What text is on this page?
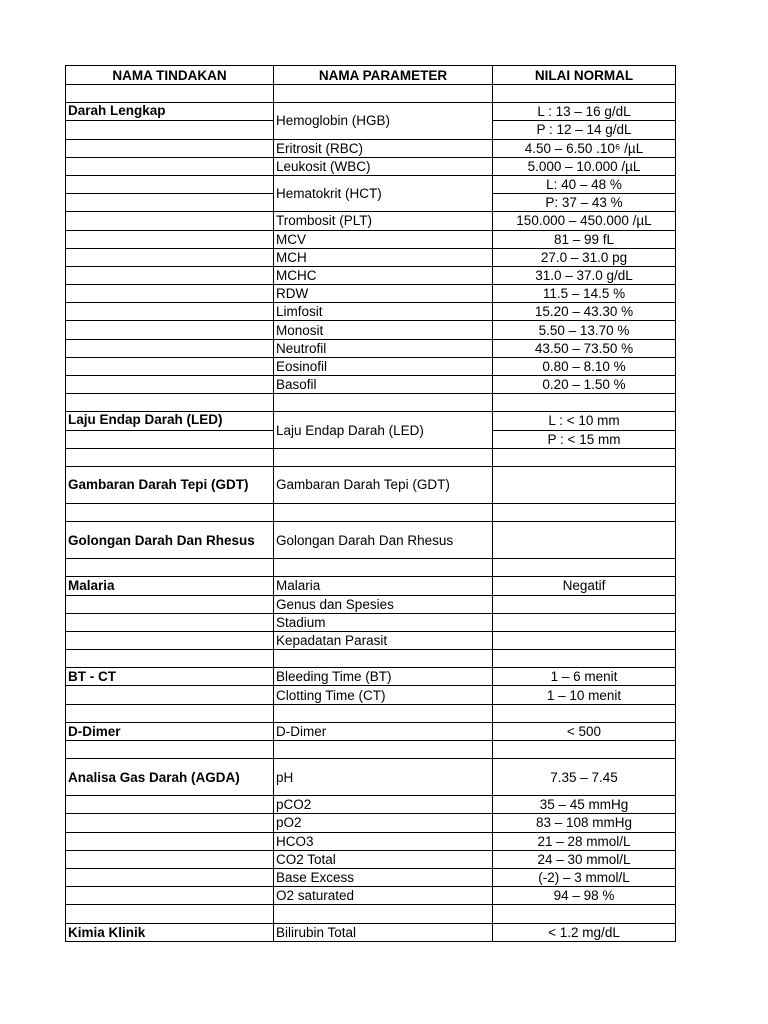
NAMA TINDAKAN	NAMA PARAMETER	NILAI NORMAL

Darah Lengkap	Hemoglobin (HGB)	L : 13 – 16 g/dL
		P : 12 – 14 g/dL
	Eritrosit (RBC)	4.50 – 6.50 .10⁶ /µL
	Leukosit (WBC)	5.000 – 10.000 /µL
	Hematokrit (HCT)	L: 40 – 48 %
		P: 37 – 43 %
	Trombosit (PLT)	150.000 – 450.000 /µL
	MCV	81 – 99 fL
	MCH	27.0 – 31.0 pg
	MCHC	31.0 – 37.0 g/dL
	RDW	11.5 – 14.5 %
	Limfosit	15.20 – 43.30 %
	Monosit	5.50 – 13.70 %
	Neutrofil	43.50 – 73.50 %
	Eosinofil	0.80 – 8.10 %
	Basofil	0.20 – 1.50 %

Laju Endap Darah (LED)	Laju Endap Darah (LED)	L : < 10 mm
		P : < 15 mm

Gambaran Darah Tepi (GDT)	Gambaran Darah Tepi (GDT)	

Golongan Darah Dan Rhesus	Golongan Darah Dan Rhesus	

Malaria	Malaria	Negatif
	Genus dan Spesies	
	Stadium	
	Kepadatan Parasit	

BT - CT	Bleeding Time (BT)	1 – 6 menit
	Clotting Time (CT)	1 – 10 menit

D-Dimer	D-Dimer	< 500

Analisa Gas Darah (AGDA)	pH	7.35 – 7.45
	pCO2	35 – 45 mmHg
	pO2	83 – 108 mmHg
	HCO3	21 – 28 mmol/L
	CO2 Total	24 – 30 mmol/L
	Base Excess	(-2) – 3 mmol/L
	O2 saturated	94 – 98 %

Kimia Klinik	Bilirubin Total	< 1.2 mg/dL
